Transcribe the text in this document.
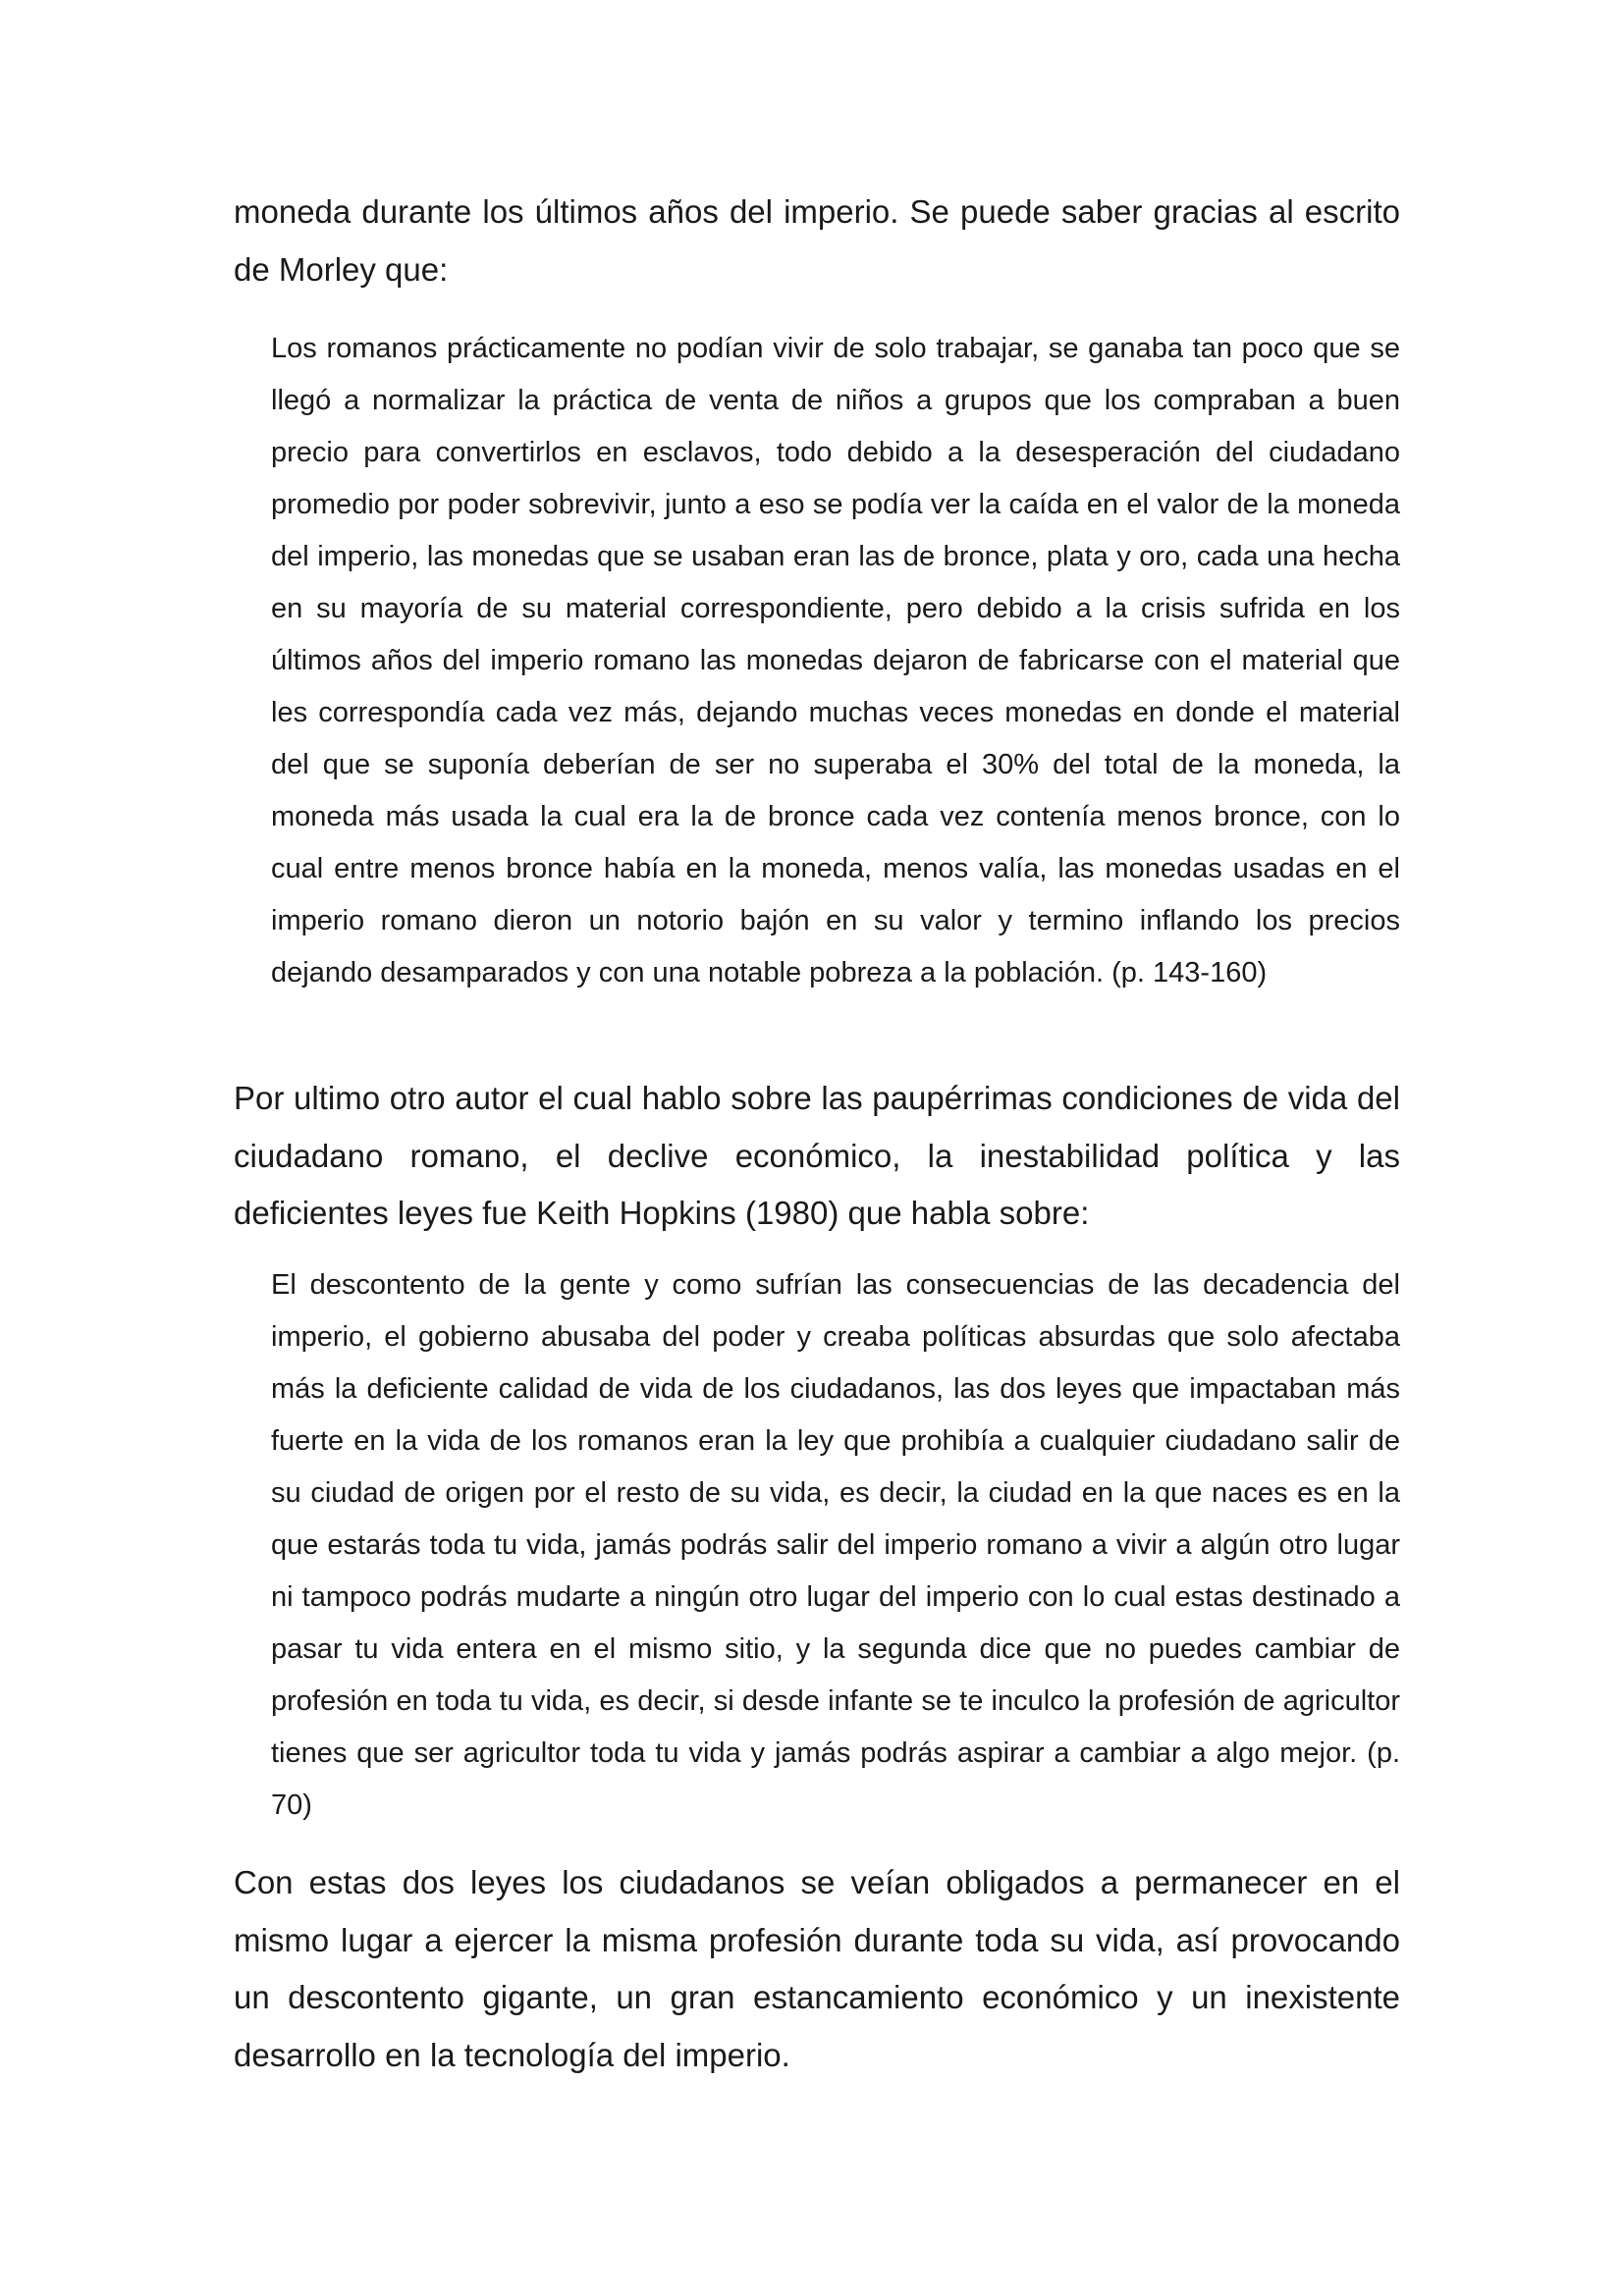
moneda durante los últimos años del imperio. Se puede saber gracias al escrito de Morley que:

Los romanos prácticamente no podían vivir de solo trabajar, se ganaba tan poco que se llegó a normalizar la práctica de venta de niños a grupos que los compraban a buen precio para convertirlos en esclavos, todo debido a la desesperación del ciudadano promedio por poder sobrevivir, junto a eso se podía ver la caída en el valor de la moneda del imperio, las monedas que se usaban eran las de bronce, plata y oro, cada una hecha en su mayoría de su material correspondiente, pero debido a la crisis sufrida en los últimos años del imperio romano las monedas dejaron de fabricarse con el material que les correspondía cada vez más, dejando muchas veces monedas en donde el material del que se suponía deberían de ser no superaba el 30% del total de la moneda, la moneda más usada la cual era la de bronce cada vez contenía menos bronce, con lo cual entre menos bronce había en la moneda, menos valía, las monedas usadas en el imperio romano dieron un notorio bajón en su valor y termino inflando los precios dejando desamparados y con una notable pobreza a la población. (p. 143-160)

Por ultimo otro autor el cual hablo sobre las paupérrimas condiciones de vida del ciudadano romano, el declive económico, la inestabilidad política y las deficientes leyes fue Keith Hopkins (1980) que habla sobre:

El descontento de la gente y como sufrían las consecuencias de las decadencia del imperio, el gobierno abusaba del poder y creaba políticas absurdas que solo afectaba más la deficiente calidad de vida de los ciudadanos, las dos leyes que impactaban más fuerte en la vida de los romanos eran la ley que prohibía a cualquier ciudadano salir de su ciudad de origen por el resto de su vida, es decir, la ciudad en la que naces es en la que estarás toda tu vida, jamás podrás salir del imperio romano a vivir a algún otro lugar ni tampoco podrás mudarte a ningún otro lugar del imperio con lo cual estas destinado a pasar tu vida entera en el mismo sitio, y la segunda dice que no puedes cambiar de profesión en toda tu vida, es decir, si desde infante se te inculco la profesión de agricultor tienes que ser agricultor toda tu vida y jamás podrás aspirar a cambiar a algo mejor. (p. 70)

Con estas dos leyes los ciudadanos se veían obligados a permanecer en el mismo lugar a ejercer la misma profesión durante toda su vida, así provocando un descontento gigante, un gran estancamiento económico y un inexistente desarrollo en la tecnología del imperio.
